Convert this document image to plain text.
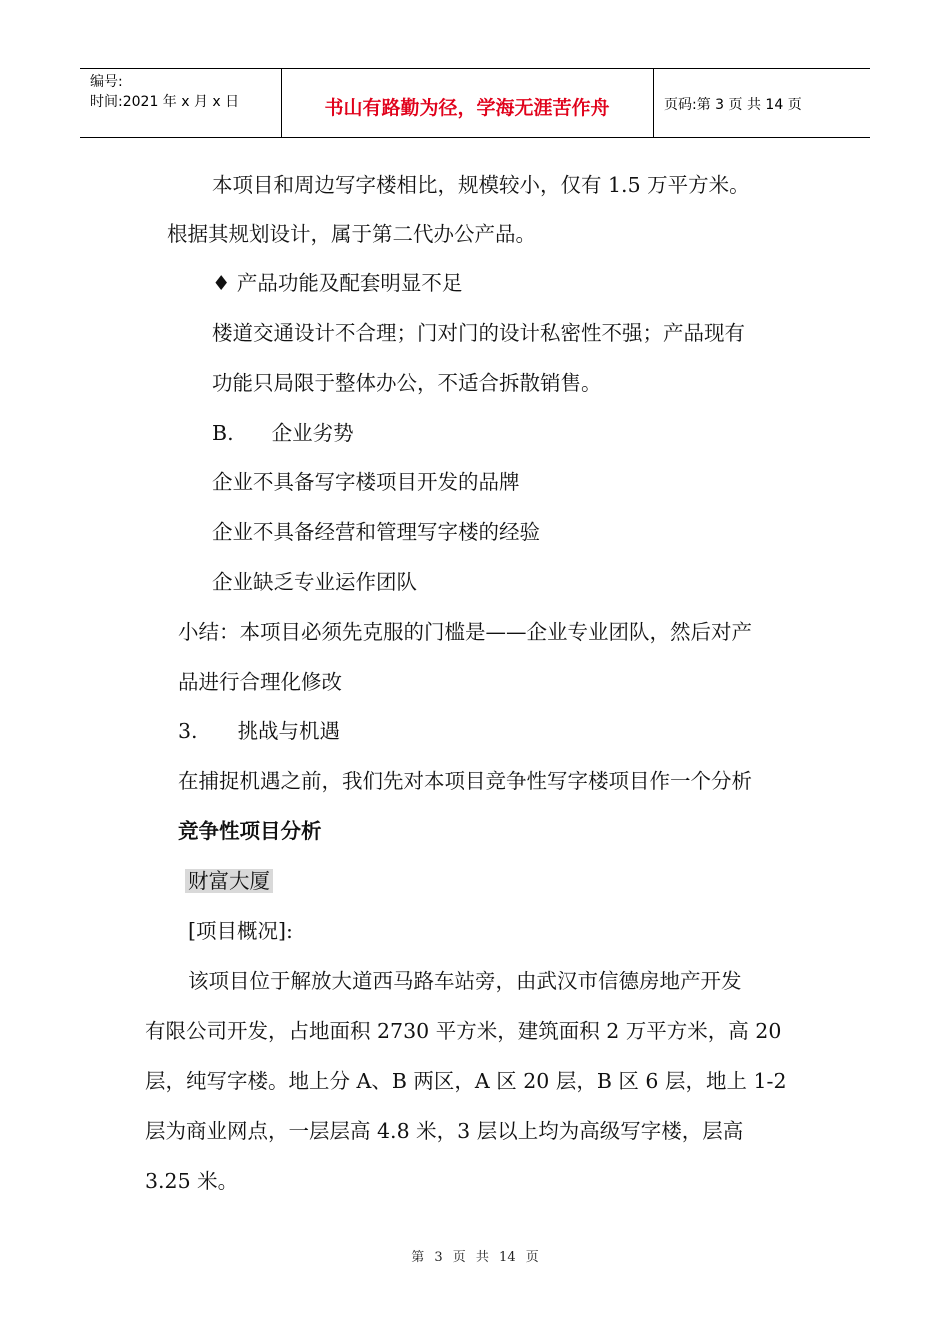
编号:
时间:2021 年 x 月 x 日	书山有路勤为径，学海无涯苦作舟	页码:第 3 页 共 14 页
本项目和周边写字楼相比，规模较小，仅有 1.5 万平方米。
根据其规划设计，属于第二代办公产品。
♦ 产品功能及配套明显不足
楼道交通设计不合理；门对门的设计私密性不强；产品现有
功能只局限于整体办公，不适合拆散销售。
B. 企业劣势
企业不具备写字楼项目开发的品牌
企业不具备经营和管理写字楼的经验
企业缺乏专业运作团队
小结：本项目必须先克服的门槛是——企业专业团队，然后对产
品进行合理化修改
3. 挑战与机遇
在捕捉机遇之前，我们先对本项目竞争性写字楼项目作一个分析
竞争性项目分析
财富大厦
[项目概况]:
该项目位于解放大道西马路车站旁，由武汉市信德房地产开发
有限公司开发，占地面积 2730 平方米，建筑面积 2 万平方米，高 20
层，纯写字楼。地上分 A、B 两区，A 区 20 层，B 区 6 层，地上 1-2
层为商业网点，一层层高 4.8 米，3 层以上均为高级写字楼，层高
3.25 米。
第 3 页 共 14 页
